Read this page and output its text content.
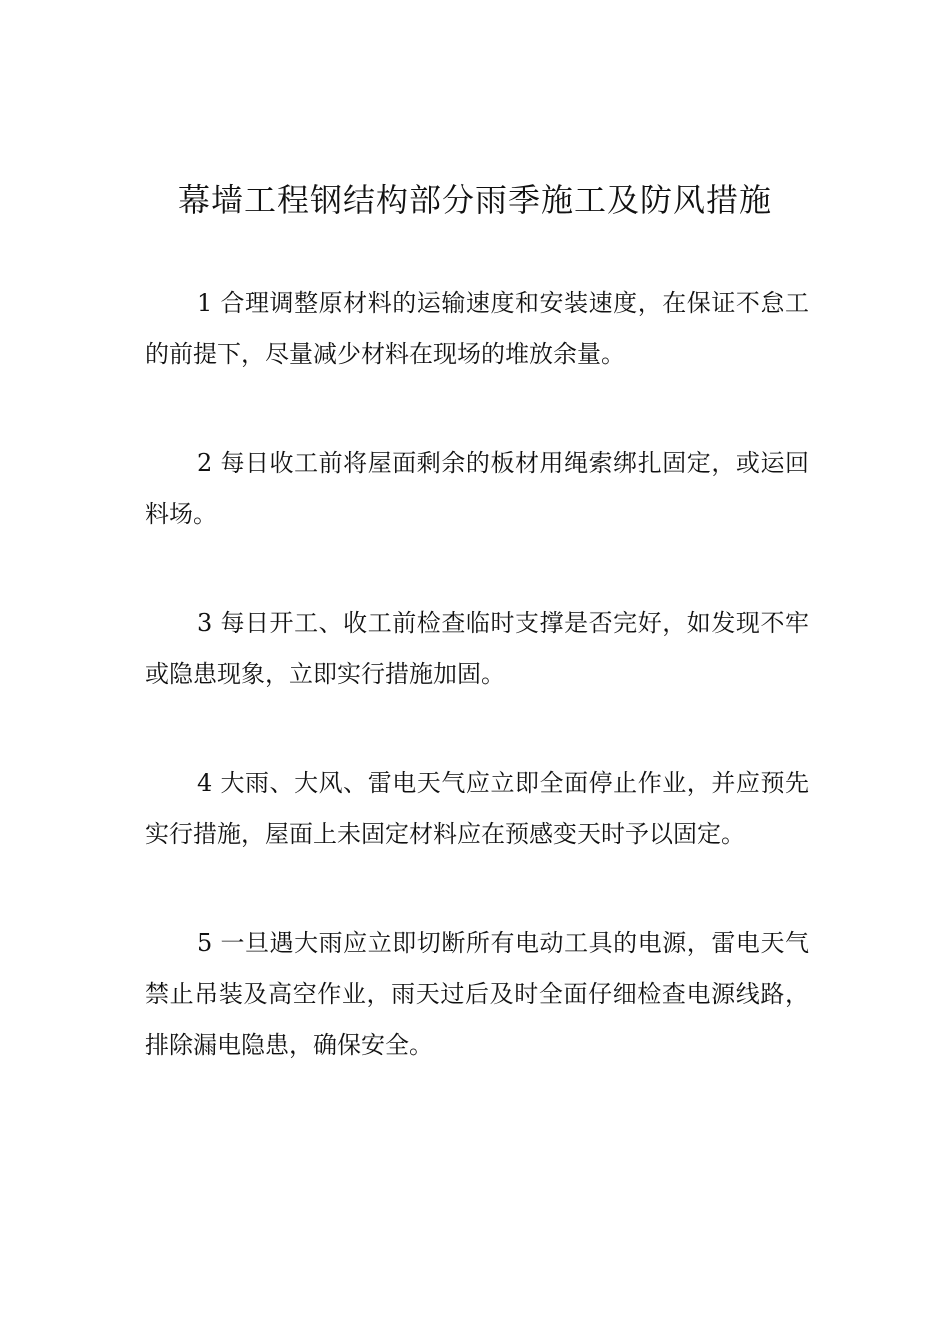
幕墙工程钢结构部分雨季施工及防风措施

1 合理调整原材料的运输速度和安装速度，在保证不怠工的前提下，尽量减少材料在现场的堆放余量。

2 每日收工前将屋面剩余的板材用绳索绑扎固定，或运回料场。

3 每日开工、收工前检查临时支撑是否完好，如发现不牢或隐患现象，立即实行措施加固。

4 大雨、大风、雷电天气应立即全面停止作业，并应预先实行措施，屋面上未固定材料应在预感变天时予以固定。

5 一旦遇大雨应立即切断所有电动工具的电源，雷电天气禁止吊装及高空作业，雨天过后及时全面仔细检查电源线路，排除漏电隐患，确保安全。
